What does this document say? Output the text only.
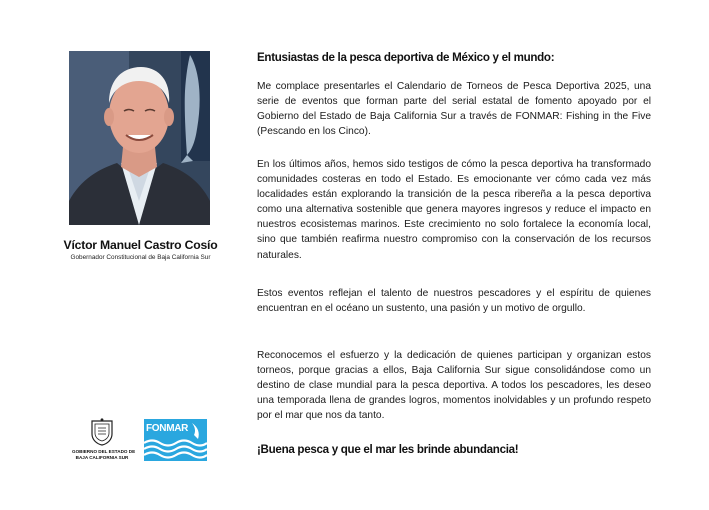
Víctor Manuel Castro Cosío
Gobernador Constitucional de Baja California Sur
GOBIERNO DEL ESTADO DE
BAJA CALIFORNIA SUR
FONMAR
Entusiastas de la pesca deportiva de México y el mundo:

Me complace presentarles el Calendario de Torneos de Pesca Deportiva 2025, una serie de eventos que forman parte del serial estatal de fomento apoyado por el Gobierno del Estado de Baja California Sur a través de FONMAR: Fishing in the Five (Pescando en los Cinco).

En los últimos años, hemos sido testigos de cómo la pesca deportiva ha transformado comunidades costeras en todo el Estado. Es emocionante ver cómo cada vez más localidades están explorando la transición de la pesca ribereña a la pesca deportiva como una alternativa sostenible que genera mayores ingresos y reduce el impacto en nuestros ecosistemas marinos. Este crecimiento no solo fortalece la economía local, sino que también reafirma nuestro compromiso con la conservación de los recursos naturales.

Estos eventos reflejan el talento de nuestros pescadores y el espíritu de quienes encuentran en el océano un sustento, una pasión y un motivo de orgullo.

Reconocemos el esfuerzo y la dedicación de quienes participan y organizan estos torneos, porque gracias a ellos, Baja California Sur sigue consolidándose como un destino de clase mundial para la pesca deportiva. A todos los pescadores, les deseo una temporada llena de grandes logros, momentos inolvidables y un profundo respeto por el mar que nos da tanto.

¡Buena pesca y que el mar les brinde abundancia!
